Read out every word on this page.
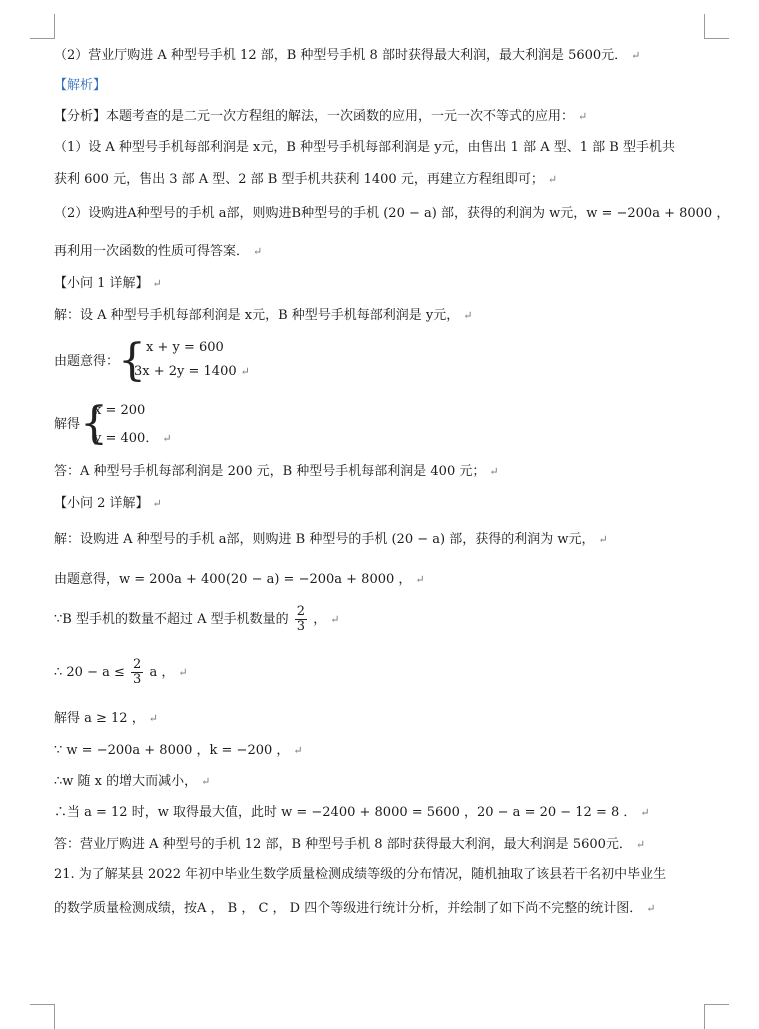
（2）营业厅购进 A 种型号手机 12 部，B 种型号手机 8 部时获得最大利润，最大利润是 5600元． ↵
【解析】
【分析】本题考查的是二元一次方程组的解法，一次函数的应用，一元一次不等式的应用： ↵
（1）设 A 种型号手机每部利润是 x元，B 种型号手机每部利润是 y元，由售出 1 部 A 型、1 部 B 型手机共
获利 600 元，售出 3 部 A 型、2 部 B 型手机共获利 1400 元，再建立方程组即可； ↵
（2）设购进A种型号的手机 a部，则购进B种型号的手机 (20 − a) 部，获得的利润为 w元，w = −200a + 8000 ，
再利用一次函数的性质可得答案． ↵
【小问 1 详解】 ↵
解：设 A 种型号手机每部利润是 x元，B 种型号手机每部利润是 y元， ↵
由题意得：
{ x + y = 600
3x + 2y = 1400 ↵
解得 {
x = 200
y = 400． ↵
答：A 种型号手机每部利润是 200 元，B 种型号手机每部利润是 400 元； ↵
【小问 2 详解】 ↵
解：设购进 A 种型号的手机 a部，则购进 B 种型号的手机 (20 − a) 部，获得的利润为 w元， ↵
由题意得，w = 200a + 400(20 − a) = −200a + 8000 ， ↵
∵B 型手机的数量不超过 A 型手机数量的 $\frac{2}{3}$ ， ↵
∴ $20 - a \le \frac{2}{3}$ a ， ↵
解得 a ≥ 12 ， ↵
∵ w = −200a + 8000 ，k = −200 ， ↵
∴w 随 x 的增大而减小， ↵
∴当 a = 12 时，w 取得最大值，此时 w = −2400 + 8000 = 5600 ，20 − a = 20 − 12 = 8 ． ↵
答：营业厅购进 A 种型号的手机 12 部，B 种型号手机 8 部时获得最大利润，最大利润是 5600元． ↵
21. 为了解某县 2022 年初中毕业生数学质量检测成绩等级的分布情况，随机抽取了该县若干名初中毕业生
的数学质量检测成绩，按A ， B ， C ， D 四个等级进行统计分析，并绘制了如下尚不完整的统计图． ↵
